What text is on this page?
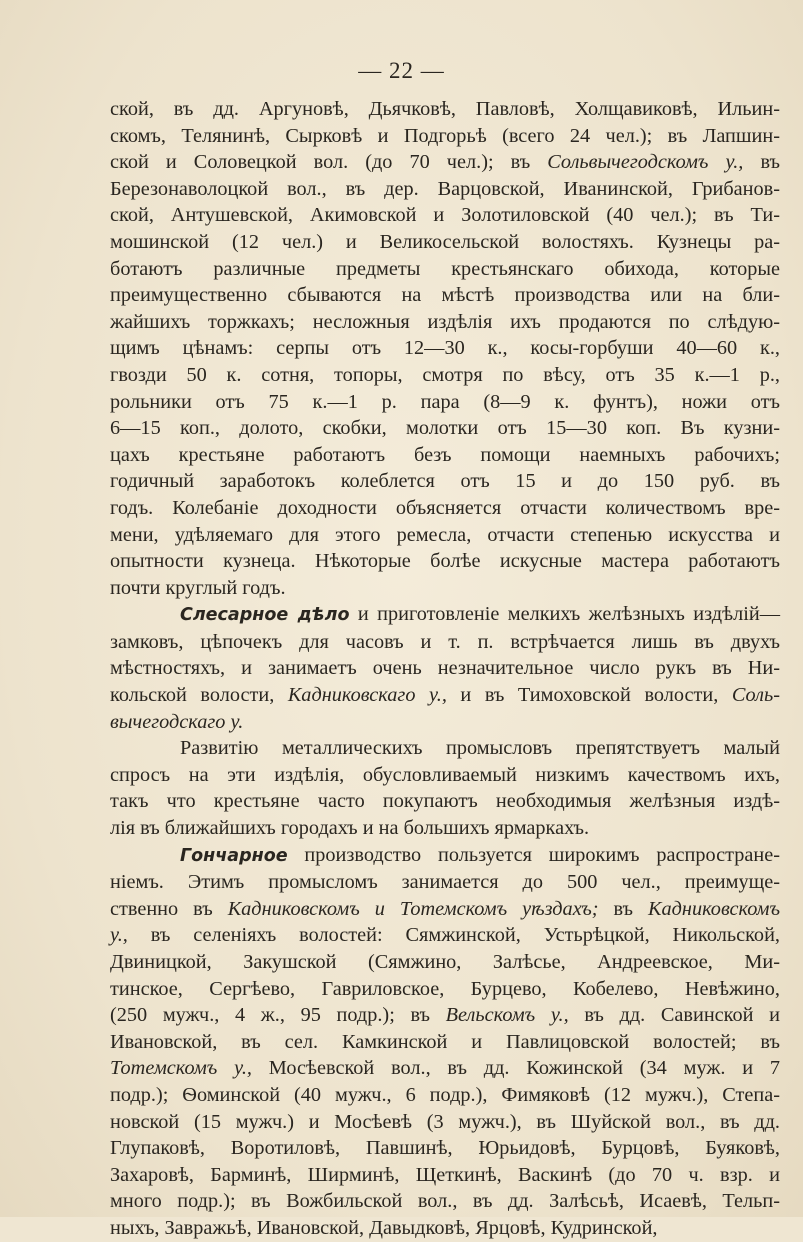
— 22 —
ской, въ дд. Аргуновѣ, Дьячковѣ, Павловѣ, Холщавиковѣ, Ильин-
скомъ, Телянинѣ, Сырковѣ и Подгорьѣ (всего 24 чел.); въ Лапшин-
ской и Соловецкой вол. (до 70 чел.); въ Сольвычегодскомъ у., въ
Березонаволоцкой вол., въ дер. Варцовской, Иванинской, Грибанов-
ской, Антушевской, Акимовской и Золотиловской (40 чел.); въ Ти-
мошинской (12 чел.) и Великосельской волостяхъ. Кузнецы ра-
ботаютъ различные предметы крестьянскаго обихода, которые
преимущественно сбываются на мѣстѣ производства или на бли-
жайшихъ торжкахъ; несложныя издѣлія ихъ продаются по слѣдую-
щимъ цѣнамъ: серпы отъ 12—30 к., косы-горбуши 40—60 к.,
гвозди 50 к. сотня, топоры, смотря по вѣсу, отъ 35 к.—1 р.,
рольники отъ 75 к.—1 р. пара (8—9 к. фунтъ), ножи отъ
6—15 коп., долото, скобки, молотки отъ 15—30 коп. Въ кузни-
цахъ крестьяне работаютъ безъ помощи наемныхъ рабочихъ;
годичный заработокъ колеблется отъ 15 и до 150 руб. въ
годъ. Колебаніе доходности объясняется отчасти количествомъ вре-
мени, удѣляемаго для этого ремесла, отчасти степенью искусства и
опытности кузнеца. Нѣкоторые болѣе искусные мастера работаютъ
почти круглый годъ.
Слесарное дѣло и приготовленіе мелкихъ желѣзныхъ издѣлій—
замковъ, цѣпочекъ для часовъ и т. п. встрѣчается лишь въ двухъ
мѣстностяхъ, и занимаетъ очень незначительное число рукъ въ Ни-
кольской волости, Кадниковскаго у., и въ Тимоховской волости, Соль-
вычегодскаго у.
Развитію металлическихъ промысловъ препятствуетъ малый
спросъ на эти издѣлія, обусловливаемый низкимъ качествомъ ихъ,
такъ что крестьяне часто покупаютъ необходимыя желѣзныя издѣ-
лія въ ближайшихъ городахъ и на большихъ ярмаркахъ.
Гончарное производство пользуется широкимъ распростране-
ніемъ. Этимъ промысломъ занимается до 500 чел., преимуще-
ственно въ Кадниковскомъ и Тотемскомъ уѣздахъ; въ Кадниковскомъ
у., въ селеніяхъ волостей: Сямжинской, Устьрѣцкой, Никольской,
Двиницкой, Закушской (Сямжино, Залѣсье, Андреевское, Ми-
тинское, Сергѣево, Гавриловское, Бурцево, Кобелево, Невѣжино,
(250 мужч., 4 ж., 95 подр.); въ Вельскомъ у., въ дд. Савинской и
Ивановской, въ сел. Камкинской и Павлицовской волостей; въ
Тотемскомъ у., Мосѣевской вол., въ дд. Кожинской (34 муж. и 7
подр.); Ѳоминской (40 мужч., 6 подр.), Фимяковѣ (12 мужч.), Степа-
новской (15 мужч.) и Мосѣевѣ (3 мужч.), въ Шуйской вол., въ дд.
Глупаковѣ, Воротиловѣ, Павшинѣ, Юрьидовѣ, Бурцовѣ, Буяковѣ,
Захаровѣ, Барминѣ, Ширминѣ, Щеткинѣ, Васкинѣ (до 70 ч. взр. и
много подр.); въ Вожбильской вол., въ дд. Залѣсьѣ, Исаевѣ, Тельп-
ныхъ, Завражьѣ, Ивановской, Давыдковѣ, Ярцовѣ, Кудринской,
